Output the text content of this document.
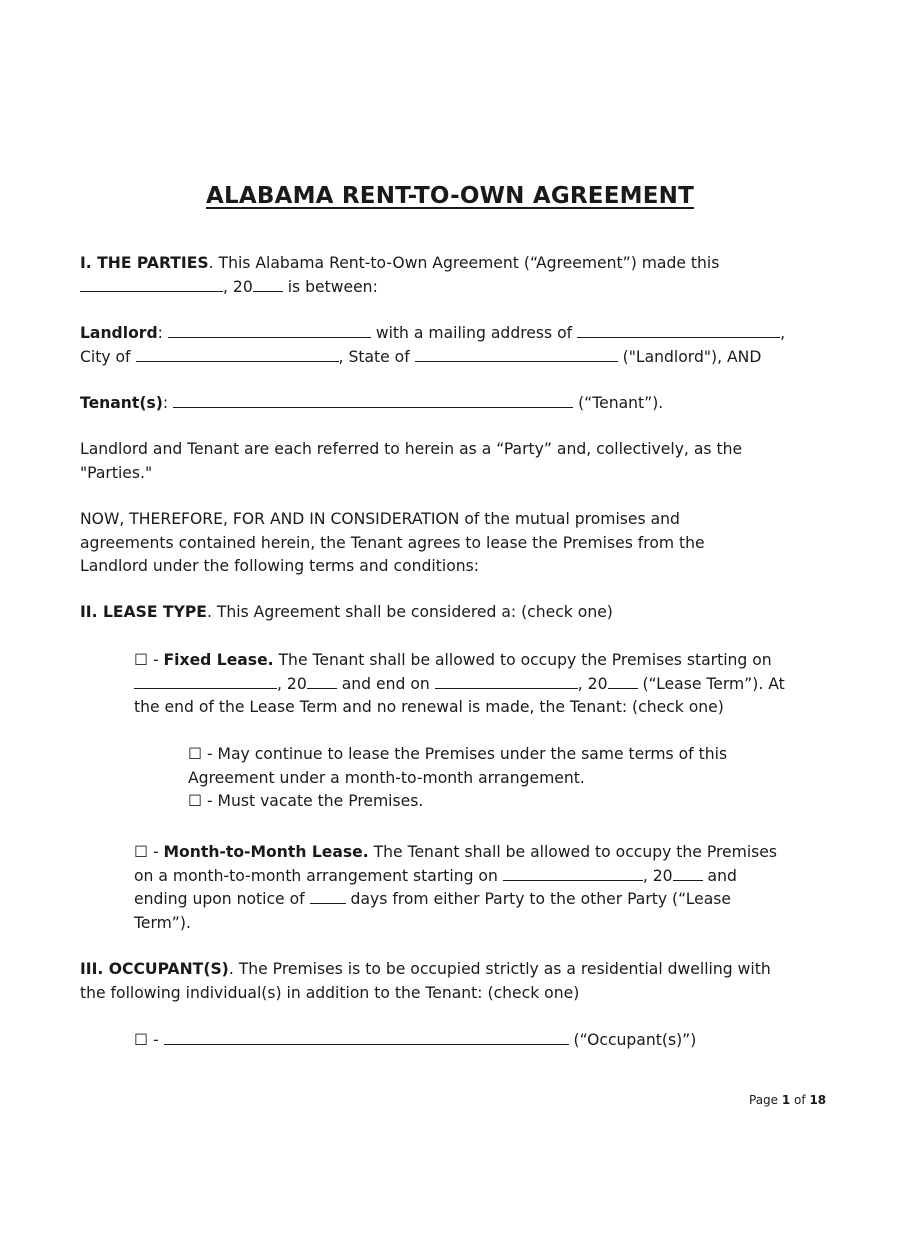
ALABAMA RENT-TO-OWN AGREEMENT
I. THE PARTIES. This Alabama Rent-to-Own Agreement (“Agreement”) made this
, 20 is between:
Landlord:	with a mailing address of	,
City of	, State of	("Landlord"), AND
Tenant(s):	(“Tenant”).
Landlord and Tenant are each referred to herein as a “Party” and, collectively, as the
"Parties."
NOW, THEREFORE, FOR AND IN CONSIDERATION of the mutual promises and
agreements contained herein, the Tenant agrees to lease the Premises from the
Landlord under the following terms and conditions:
II. LEASE TYPE. This Agreement shall be considered a: (check one)
☐ - Fixed Lease. The Tenant shall be allowed to occupy the Premises starting on
, 20 and end on	, 20 (“Lease Term”). At
the end of the Lease Term and no renewal is made, the Tenant: (check one)
☐ - May continue to lease the Premises under the same terms of this
Agreement under a month-to-month arrangement.
☐ - Must vacate the Premises.
☐ - Month-to-Month Lease. The Tenant shall be allowed to occupy the Premises
on a month-to-month arrangement starting on	, 20 and
ending upon notice of  days from either Party to the other Party (“Lease
Term”).
III. OCCUPANT(S). The Premises is to be occupied strictly as a residential dwelling with
the following individual(s) in addition to the Tenant: (check one)
☐ -	(“Occupant(s)”)
Page 1 of 18
